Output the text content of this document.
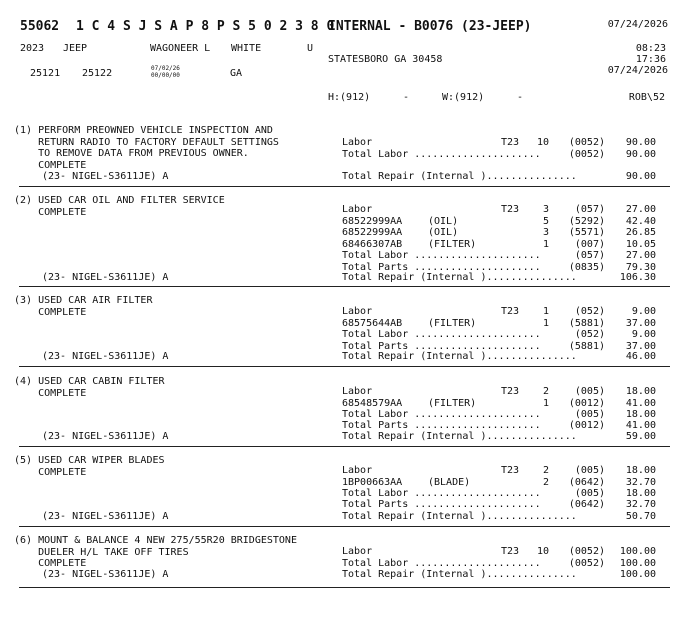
55062 1 C 4 S J S A P 8 P S 5 0 2 3 8 0
INTERNAL - B0076 (23-JEEP)	07/24/2026
2023 JEEP	WAGONEER L WHITE	U	08:23
17:36
STATESBORO GA 30458
07/24/2026
25121 25122	07/02/26
00/00/00	GA
H:(912)	-	W:(912)	-	ROB\52
(1) PERFORM PREOWNED VEHICLE INSPECTION AND
RETURN RADIO TO FACTORY DEFAULT SETTINGS
TO REMOVE DATA FROM PREVIOUS OWNER.
COMPLETE
(23- NIGEL-S3611JE) A
Labor	T23 10 (0052) 90.00
Total Labor .....................	(0052) 90.00
Total Repair (Internal )...............	90.00
(2) USED CAR OIL AND FILTER SERVICE
COMPLETE
(23- NIGEL-S3611JE) A
Labor	T23 3	(057) 27.00
68522999AA	(OIL)	5 (5292) 42.40
68522999AA	(OIL)	3 (5571) 26.85
68466307AB	(FILTER)	1	(007) 10.05
Total Labor .....................	(057) 27.00
Total Parts .....................	(0835) 79.30
Total Repair (Internal )...............	106.30
(3) USED CAR AIR FILTER
COMPLETE
(23- NIGEL-S3611JE) A
Labor	T23 1	(052)	9.00
68575644AB	(FILTER)	1 (5881) 37.00
Total Labor .....................	(052)	9.00
Total Parts .....................	(5881) 37.00
Total Repair (Internal )...............	46.00
(4) USED CAR CABIN FILTER
COMPLETE
(23- NIGEL-S3611JE) A
Labor	T23 2	(005) 18.00
68548579AA	(FILTER)	1 (0012) 41.00
Total Labor .....................	(005) 18.00
Total Parts .....................	(0012) 41.00
Total Repair (Internal )...............	59.00
(5) USED CAR WIPER BLADES
COMPLETE
(23- NIGEL-S3611JE) A
Labor	T23 2	(005) 18.00
1BP00663AA	(BLADE)	2 (0642) 32.70
Total Labor .....................	(005) 18.00
Total Parts .....................	(0642) 32.70
Total Repair (Internal )...............	50.70
(6) MOUNT & BALANCE 4 NEW 275/55R20 BRIDGESTONE
DUELER H/L TAKE OFF TIRES
COMPLETE
(23- NIGEL-S3611JE) A
Labor	T23 10 (0052) 100.00
Total Labor .....................	(0052) 100.00
Total Repair (Internal )...............	100.00
